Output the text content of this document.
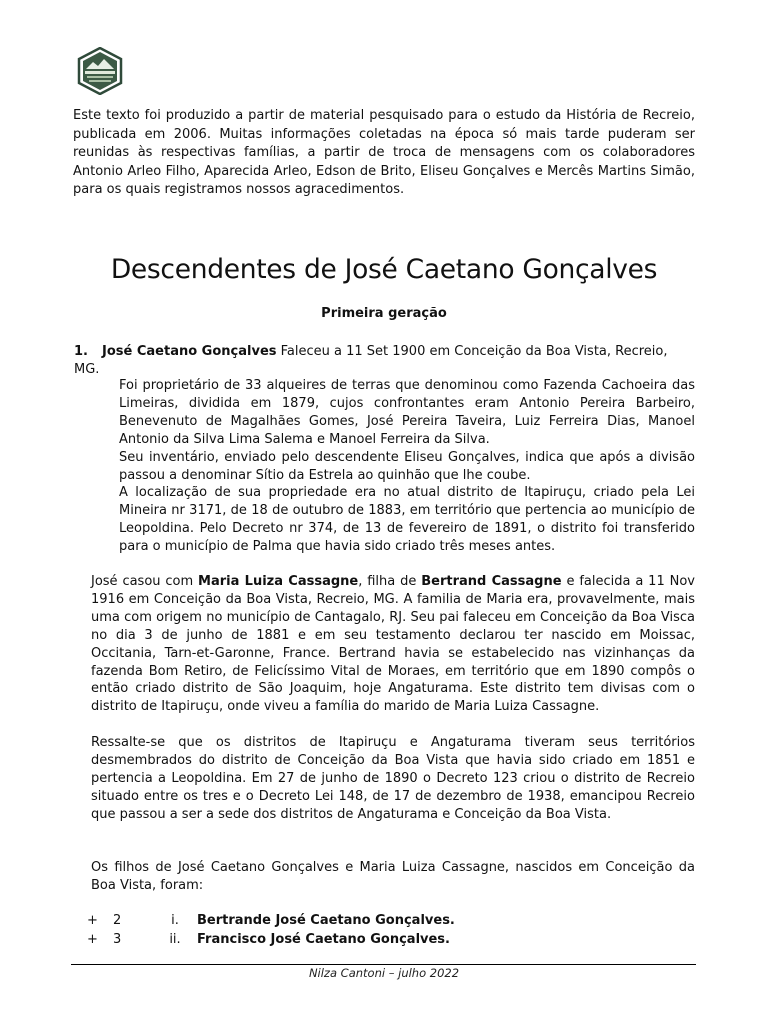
Este texto foi produzido a partir de material pesquisado para o estudo da História de Recreio, publicada em 2006. Muitas informações coletadas na época só mais tarde puderam ser reunidas às respectivas famílias, a partir de troca de mensagens com os colaboradores Antonio Arleo Filho, Aparecida Arleo, Edson de Brito, Eliseu Gonçalves e Mercês Martins Simão, para os quais registramos nossos agracedimentos.

Descendentes de José Caetano Gonçalves

Primeira geração

1. José Caetano Gonçalves Faleceu a 11 Set 1900 em Conceição da Boa Vista, Recreio, MG.

Foi proprietário de 33 alqueires de terras que denominou como Fazenda Cachoeira das Limeiras, dividida em 1879, cujos confrontantes eram Antonio Pereira Barbeiro, Benevenuto de Magalhães Gomes, José Pereira Taveira, Luiz Ferreira Dias, Manoel Antonio da Silva Lima Salema e Manoel Ferreira da Silva.

Seu inventário, enviado pelo descendente Eliseu Gonçalves, indica que após a divisão passou a denominar Sítio da Estrela ao quinhão que lhe coube.

A localização de sua propriedade era no atual distrito de Itapiruçu, criado pela Lei Mineira nr 3171, de 18 de outubro de 1883, em território que pertencia ao município de Leopoldina. Pelo Decreto nr 374, de 13 de fevereiro de 1891, o distrito foi transferido para o município de Palma que havia sido criado três meses antes.

José casou com Maria Luiza Cassagne, filha de Bertrand Cassagne e falecida a 11 Nov 1916 em Conceição da Boa Vista, Recreio, MG. A familia de Maria era, provavelmente, mais uma com origem no município de Cantagalo, RJ. Seu pai faleceu em Conceição da Boa Visca no dia 3 de junho de 1881 e em seu testamento declarou ter nascido em Moissac, Occitania, Tarn-et-Garonne, France. Bertrand havia se estabelecido nas vizinhanças da fazenda Bom Retiro, de Felicíssimo Vital de Moraes, em território que em 1890 compôs o então criado distrito de São Joaquim, hoje Angaturama. Este distrito tem divisas com o distrito de Itapiruçu, onde viveu a família do marido de Maria Luiza Cassagne.

Ressalte-se que os distritos de Itapiruçu e Angaturama tiveram seus territórios desmembrados do distrito de Conceição da Boa Vista que havia sido criado em 1851 e pertencia a Leopoldina. Em 27 de junho de 1890 o Decreto 123 criou o distrito de Recreio situado entre os tres e o Decreto Lei 148, de 17 de dezembro de 1938, emancipou Recreio que passou a ser a sede dos distritos de Angaturama e Conceição da Boa Vista.

Os filhos de José Caetano Gonçalves e Maria Luiza Cassagne, nascidos em Conceição da Boa Vista, foram:

+ 2	i. Bertrande José Caetano Gonçalves.

+ 3	ii. Francisco José Caetano Gonçalves.

Nilza Cantoni – julho 2022
